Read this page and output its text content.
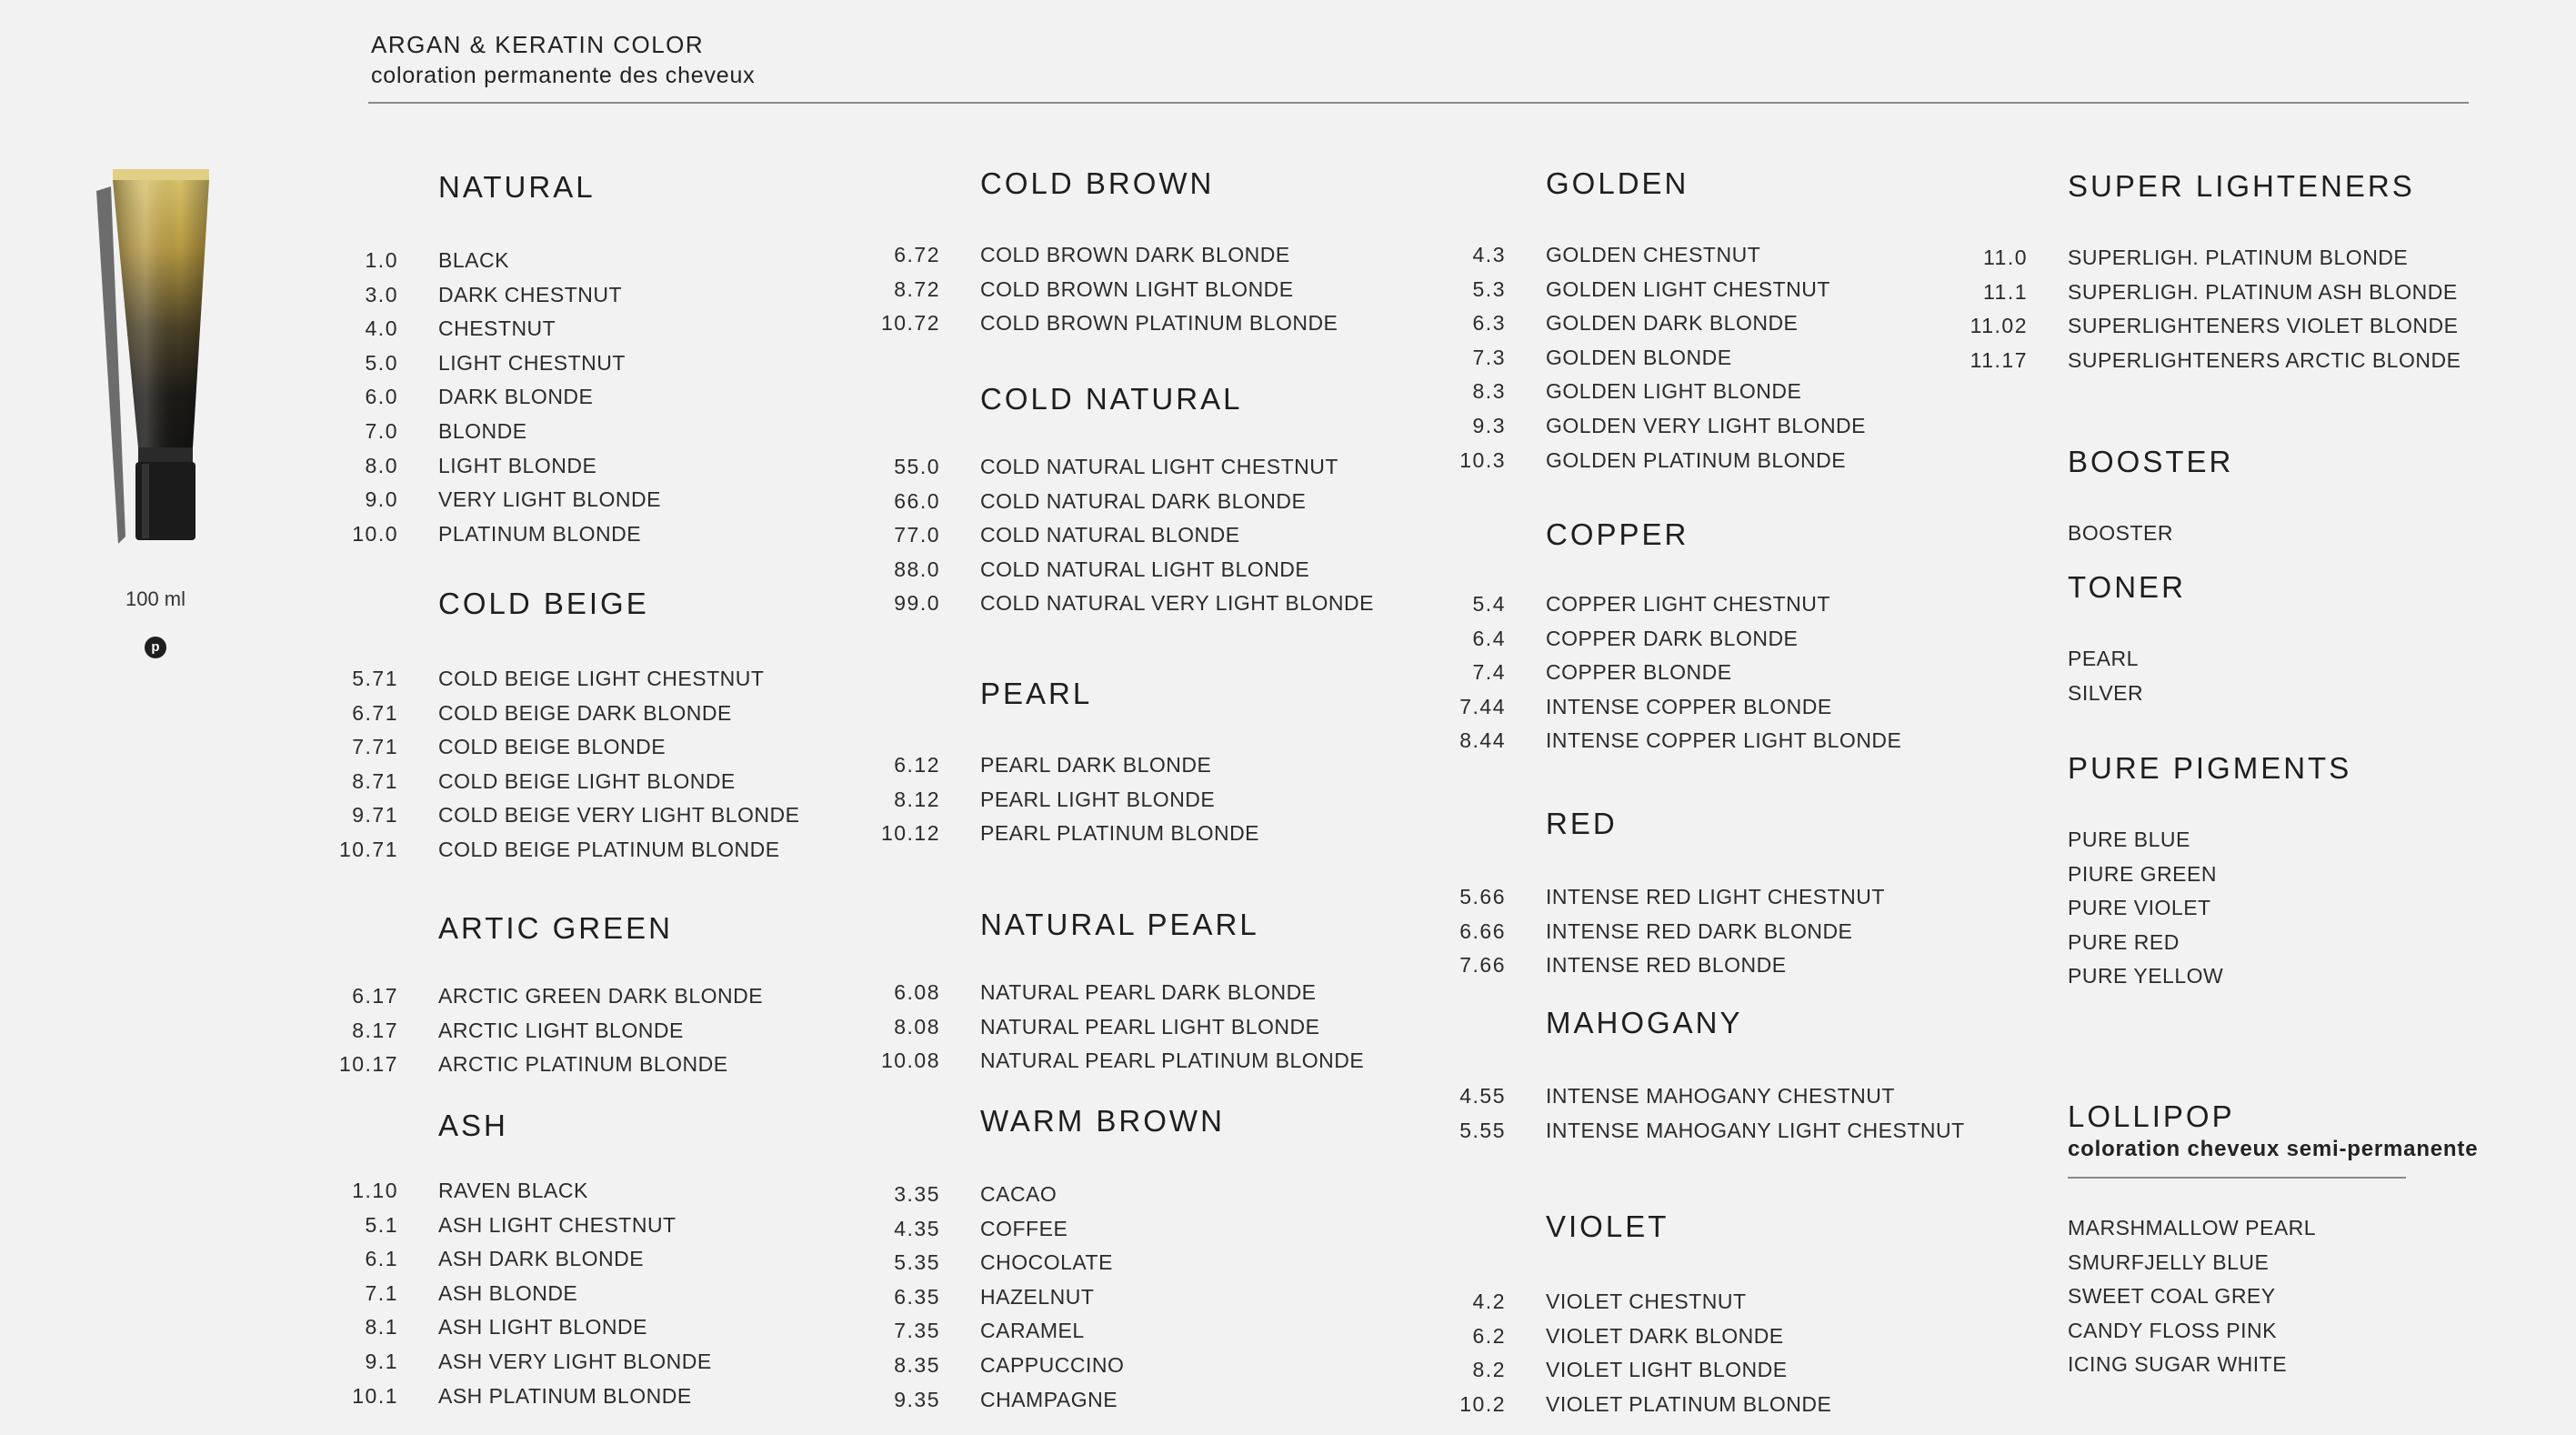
ARGAN & KERATIN COLOR
coloration permanente des cheveux
100 ml
p
NATURAL
1.0 BLACK
3.0 DARK CHESTNUT
4.0 CHESTNUT
5.0 LIGHT CHESTNUT
6.0 DARK BLONDE
7.0 BLONDE
8.0 LIGHT BLONDE
9.0 VERY LIGHT BLONDE
10.0 PLATINUM BLONDE
COLD BEIGE
5.71 COLD BEIGE LIGHT CHESTNUT
6.71 COLD BEIGE DARK BLONDE
7.71 COLD BEIGE BLONDE
8.71 COLD BEIGE LIGHT BLONDE
9.71 COLD BEIGE VERY LIGHT BLONDE
10.71 COLD BEIGE PLATINUM BLONDE
ARTIC GREEN
6.17 ARCTIC GREEN DARK BLONDE
8.17 ARCTIC LIGHT BLONDE
10.17 ARCTIC PLATINUM BLONDE
ASH
1.10 RAVEN BLACK
5.1 ASH LIGHT CHESTNUT
6.1 ASH DARK BLONDE
7.1 ASH BLONDE
8.1 ASH LIGHT BLONDE
9.1 ASH VERY LIGHT BLONDE
10.1 ASH PLATINUM BLONDE
COLD BROWN
6.72 COLD BROWN DARK BLONDE
8.72 COLD BROWN LIGHT BLONDE
10.72 COLD BROWN PLATINUM BLONDE
COLD NATURAL
55.0 COLD NATURAL LIGHT CHESTNUT
66.0 COLD NATURAL DARK BLONDE
77.0 COLD NATURAL BLONDE
88.0 COLD NATURAL LIGHT BLONDE
99.0 COLD NATURAL VERY LIGHT BLONDE
PEARL
6.12 PEARL DARK BLONDE
8.12 PEARL LIGHT BLONDE
10.12 PEARL PLATINUM BLONDE
NATURAL PEARL
6.08 NATURAL PEARL DARK BLONDE
8.08 NATURAL PEARL LIGHT BLONDE
10.08 NATURAL PEARL PLATINUM BLONDE
WARM BROWN
3.35 CACAO
4.35 COFFEE
5.35 CHOCOLATE
6.35 HAZELNUT
7.35 CARAMEL
8.35 CAPPUCCINO
9.35 CHAMPAGNE
GOLDEN
4.3 GOLDEN CHESTNUT
5.3 GOLDEN LIGHT CHESTNUT
6.3 GOLDEN DARK BLONDE
7.3 GOLDEN BLONDE
8.3 GOLDEN LIGHT BLONDE
9.3 GOLDEN VERY LIGHT BLONDE
10.3 GOLDEN PLATINUM BLONDE
COPPER
5.4 COPPER LIGHT CHESTNUT
6.4 COPPER DARK BLONDE
7.4 COPPER BLONDE
7.44 INTENSE COPPER BLONDE
8.44 INTENSE COPPER LIGHT BLONDE
RED
5.66 INTENSE RED LIGHT CHESTNUT
6.66 INTENSE RED DARK BLONDE
7.66 INTENSE RED BLONDE
MAHOGANY
4.55 INTENSE MAHOGANY CHESTNUT
5.55 INTENSE MAHOGANY LIGHT CHESTNUT
VIOLET
4.2 VIOLET CHESTNUT
6.2 VIOLET DARK BLONDE
8.2 VIOLET LIGHT BLONDE
10.2 VIOLET PLATINUM BLONDE
SUPER LIGHTENERS
11.0 SUPERLIGH. PLATINUM BLONDE
11.1 SUPERLIGH. PLATINUM ASH BLONDE
11.02 SUPERLIGHTENERS VIOLET BLONDE
11.17 SUPERLIGHTENERS ARCTIC BLONDE
BOOSTER
BOOSTER
TONER
PEARL
SILVER
PURE PIGMENTS
PURE BLUE
PIURE GREEN
PURE VIOLET
PURE RED
PURE YELLOW
LOLLIPOP
coloration cheveux semi-permanente
MARSHMALLOW PEARL
SMURFJELLY BLUE
SWEET COAL GREY
CANDY FLOSS PINK
ICING SUGAR WHITE
